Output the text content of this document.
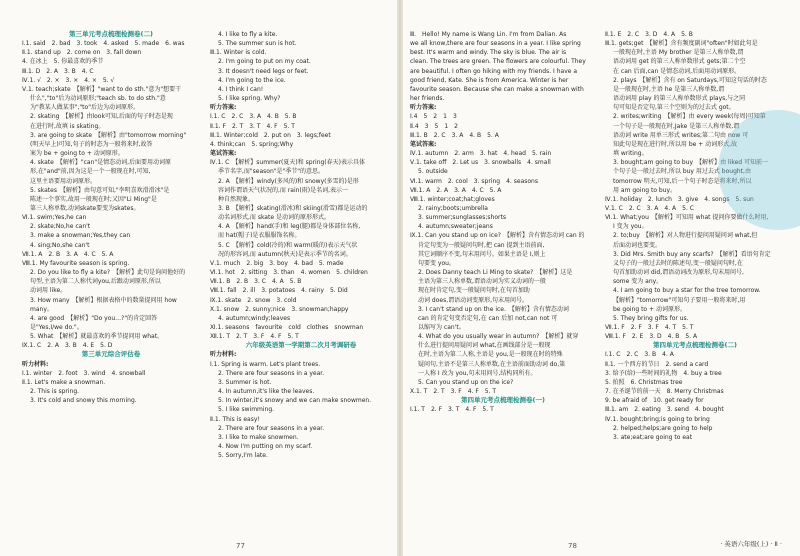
第三单元考点梳理检测卷(二)
Ⅰ.1. said　2. bad　3. took　4. asked　5. made　6. was
Ⅱ.1. stand up　2. come on　3. fall down
4. 在冰上　5. 你最喜欢的季节
Ⅲ.1. D　2. A　3. B　4. C
Ⅳ.1. √　2. ×　3. ×　4. ×　5. √
Ⅴ.1. teach;skate　【解析】"want to do sth."意为"想要干
什么","to"后为动词原形;"teach sb. to do sth."意
为"教某人做某事","to"后边为动词原形。
2. skating　【解析】由look可知,后面的句子时态是现
在进行时,故填 is skating。
3. are going to skate　【解析】由"tomorrow morning"
(明天早上)可知,句子的时态为一般将来时,故答
案为 be + going to + 动词原形。
4. skate　【解析】"can"是情态动词,后面要用动词原
形,在"and"前,因为这是一个一般现在时,可知,
这里主语要用动词原形。
5. skates　【解析】由句意可知,"李明喜欢滑滑冰"是
陈述一个事实,故用一般现在时;又因"Li Ming"是
第三人称单数,动词skate要变为skates。
Ⅵ.1. swim;Yes,he can
2. skate;No,he can't
3. make a snowman;Yes,they can
4. sing;No,she can't
Ⅶ.1. A　2. B　3. A　4. C　5. A
Ⅷ.1. My favourite season is spring.
2. Do you like to fly a kite?　【解析】此句是询问他好的
句型,主语为第二人称代词you,后跟动词原形,所以
动词用 like。
3. How many　【解析】根据表格中的数量提问用 how
many。
4. are good　【解析】"Do you…?"的肯定回答
是"Yes,I/we do."。
5. What　【解析】就最喜欢的季节提问用 what。
Ⅸ.1. C　2. A　3. B　4. E　5. D
第三单元综合评估卷
听力材料:
Ⅰ.1. winter　2. foot　3. wind　4. snowball
Ⅱ.1. Let's make a snowman.
2. This is spring.
3. It's cold and snowy this morning.
4. I like to fly a kite.
5. The summer sun is hot.
Ⅲ.1. Winter is cold.
2. I'm going to put on my coat.
3. It doesn't need legs or feet.
4. I'm going to the ice.
4. I think I can!
5. I like spring. Why?
听力答案:
Ⅰ.1. C　2. C　3. A　4. B　5. B
Ⅱ.1. F　2. T　3. T　4. F　5. T
Ⅲ.1. Winter;cold　2. put on　3. legs;feet
4. think;can　5. spring;Why
笔试答案:
Ⅳ.1. C　【解析】summer(夏天)和 spring(春天)表示具体
季节名字,而"season"是"季节"的意思。
2. A　【解析】windy(多风的)和 snowy(多雪的)是形
容词作谓语天气状况的,而 rain(雨)是名词,表示一
种自然现象。
3. B　【解析】skating(滑冰)和 skiing(滑雪)都是运动的
动名词形式,而 skate 是动词的原形形式。
4. A　【解析】hand(手)和 leg(腿)都是身体部位名称,
而 hat(帽子)是衣服服饰名称。
5. C　【解析】cold(冷的)和 warm(暖的)表示天气状
况的形容词,而 autumn(秋天)是表示季节的名词。
Ⅴ.1. much　2. big　3. boy　4. bad　5. made
Ⅵ.1. hot　2. sitting　3. than　4. women　5. children
Ⅶ.1. B　2. B　3. C　4. A　5. B
Ⅷ.1. fall　2. ill　3. potatoes　4. rainy　5. Did
Ⅸ.1. skate　2. snow　3. cold
Ⅹ.1. snow　2. sunny;nice　3. snowman;happy
4. autumn;windy;leaves
Ⅺ.1. seasons　favourite　cold　clothes　snowman
Ⅻ.1. T　2. T　3. F　4. F　5. T
六年级英语第一学期第二次月考调研卷
听力材料:
Ⅰ.1. Spring is warm. Let's plant trees.
2. There are four seasons in a year.
3. Summer is hot.
4. In autumn,it's like the leaves.
5. In winter,it's snowy and we can make snowmen.
5. I like swimming.
Ⅱ.1. This is easy!
2. There are four seasons in a year.
3. I like to make snowmen.
4. Now I'm putting on my scarf.
5. Sorry,I'm late.
77
Ⅲ.　Hello! My name is Wang Lin. I'm from Dalian. As
we all know,there are four seasons in a year. I like spring
best. It's warm and windy. The sky is blue. The air is
clean. The trees are green. The flowers are colourful. They
are beautiful. I often go hiking with my friends. I have a
good friend, Kate. She is from America. Winter is her
favourite season. Because she can make a snowman with
her friends.
听力答案:
Ⅰ.4　5　2　1　3
Ⅱ.4　3　5　1　2
Ⅲ.1. B　2. C　3. A　4. B　5. A
笔试答案:
Ⅳ.1. autumn　2. arm　3. hat　4. head　5. rain
Ⅴ.1. take off　2. Let us　3. snowballs　4. small
5. outside
Ⅵ.1. warm　2. cool　3. spring　4. seasons
Ⅶ.1. A　2. A　3. A　4. C　5. A
Ⅷ.1. winter;coat;hat;gloves
2. rainy;boots;umbrella
3. summer;sunglasses;shorts
4. autumn;sweater;jeans
Ⅸ.1. Can you stand up on ice?　【解析】含有情态动词 can 的
肯定句变为一般疑问句时,把 can 提到主语前面,
其它词顺序不变,句末用问号。如果主语是 I,则上
句要变 you。
2. Does Danny teach Li Ming to skate?　【解析】这是
主语为第三人称单数,谓语动词为实义动词的一般
现在时肯定句,变一般疑问句时,在句首加助
动词 does,谓语动词变原形,句末用问号。
3. I can't stand up on the ice.　【解析】含有情态动词
can 的肯定句变否定句,在 can 后加 not,can not 可
以缩写为 can't。
4. What do you usually wear in autumn?　【解析】就穿
什么进行提问用疑问词 what,在画线部分是一般现
在时,主语为第二人称,主语是 you,是一般现在时的特殊
疑问句,主语不是第三人称单数,在主语前面助动词 do,第
一人称 I 改为 you,句末用问号,结构同所有。
5. Can you stand up on the ice?
Ⅹ.1. T　2. T　3. F　4. F　5. T
第四单元考点梳理检测卷(一)
Ⅰ.1. T　2. F　3. T　4. F　5. T
Ⅱ.1. E　2. C　3. D　4. A　5. B
Ⅲ.1. gets;get　【解析】含有频度副词"often"时如此句是
一般现在时,主语 My brother 是第三人称单数,谓
语动词用 get 的第三人称单数形式 gets;第二个空
在 can 后面,can 是情态动词,后面用动词原形。
2. plays　【解析】含有 on Saturdays,可知这句话的时态
是一般现在时,主语 he 是第三人称单数,谓
语动词用 play 的第三人称单数形式 plays,与之同
句可知是否定句,第三个空则为的过去式 got。
2. writes;writing　【解析】由 every week(每周)可知第
一个句子是一般现在时,Jake 是第三人称单数,谓
语动词 write 用单三形式 writes;第二句由 now 可
知此句是现在进行时,所以用 be + 动词形式,故
填 writing。
3. bought;am going to buy　【解析】由 liked 可知前一
个句子是一般过去时,所以 buy 用过去式 bought,由
tomorrow 明天,可知,后一个句子时态是将来时,所以
用 am going to buy。
Ⅳ.1. holiday　2. lunch　3. give　4. songs　5. sun
Ⅴ.1. C　2. C　3. A　4. A　5. C
Ⅵ.1. What;you　【解析】可知用 what 提问你要做什么时用,
I 变为 you。
2. to;buy　【解析】对人物进行提问用疑问词 what,但
后面动词也要变。
3. Did Mrs. Smith buy any scarfs?　【解析】看语句肯定
义句子的一般过去时的陈述句,变一般疑问句时,在
句首加助动词 did,谓语动词改为原形,句末用问号,
some 变为 any。
4. I am going to buy a star for the tree tomorrow.
【解析】"tomorrow"可知句子要用一般将来时,用
be going to + 动词原形。
5. They bring gifts for us.
Ⅶ.1. F　2. F　3. F　4. T　5. T
Ⅷ.1. F　2. E　3. D　4. B　5. A
第四单元考点梳理检测卷(二)
Ⅰ.1. C　2. C　3. B　4. A
Ⅱ.1. 一个西方的节日　2. send a card
3. 给予(给)一些时间的礼物　4. buy a tree
5. 拍照　6. Christmas tree
7. 在圣诞节的前一天　8. Merry Christmas
9. be afraid of　10. get ready for
Ⅲ.1. am　2. eating　3. send　4. bought
Ⅳ.1. bought;bring;is going to bring
2. helped;helps;are going to help
3. ate;eat;are going to eat
78	· 英语六年级(上) · Ⅱ ·
